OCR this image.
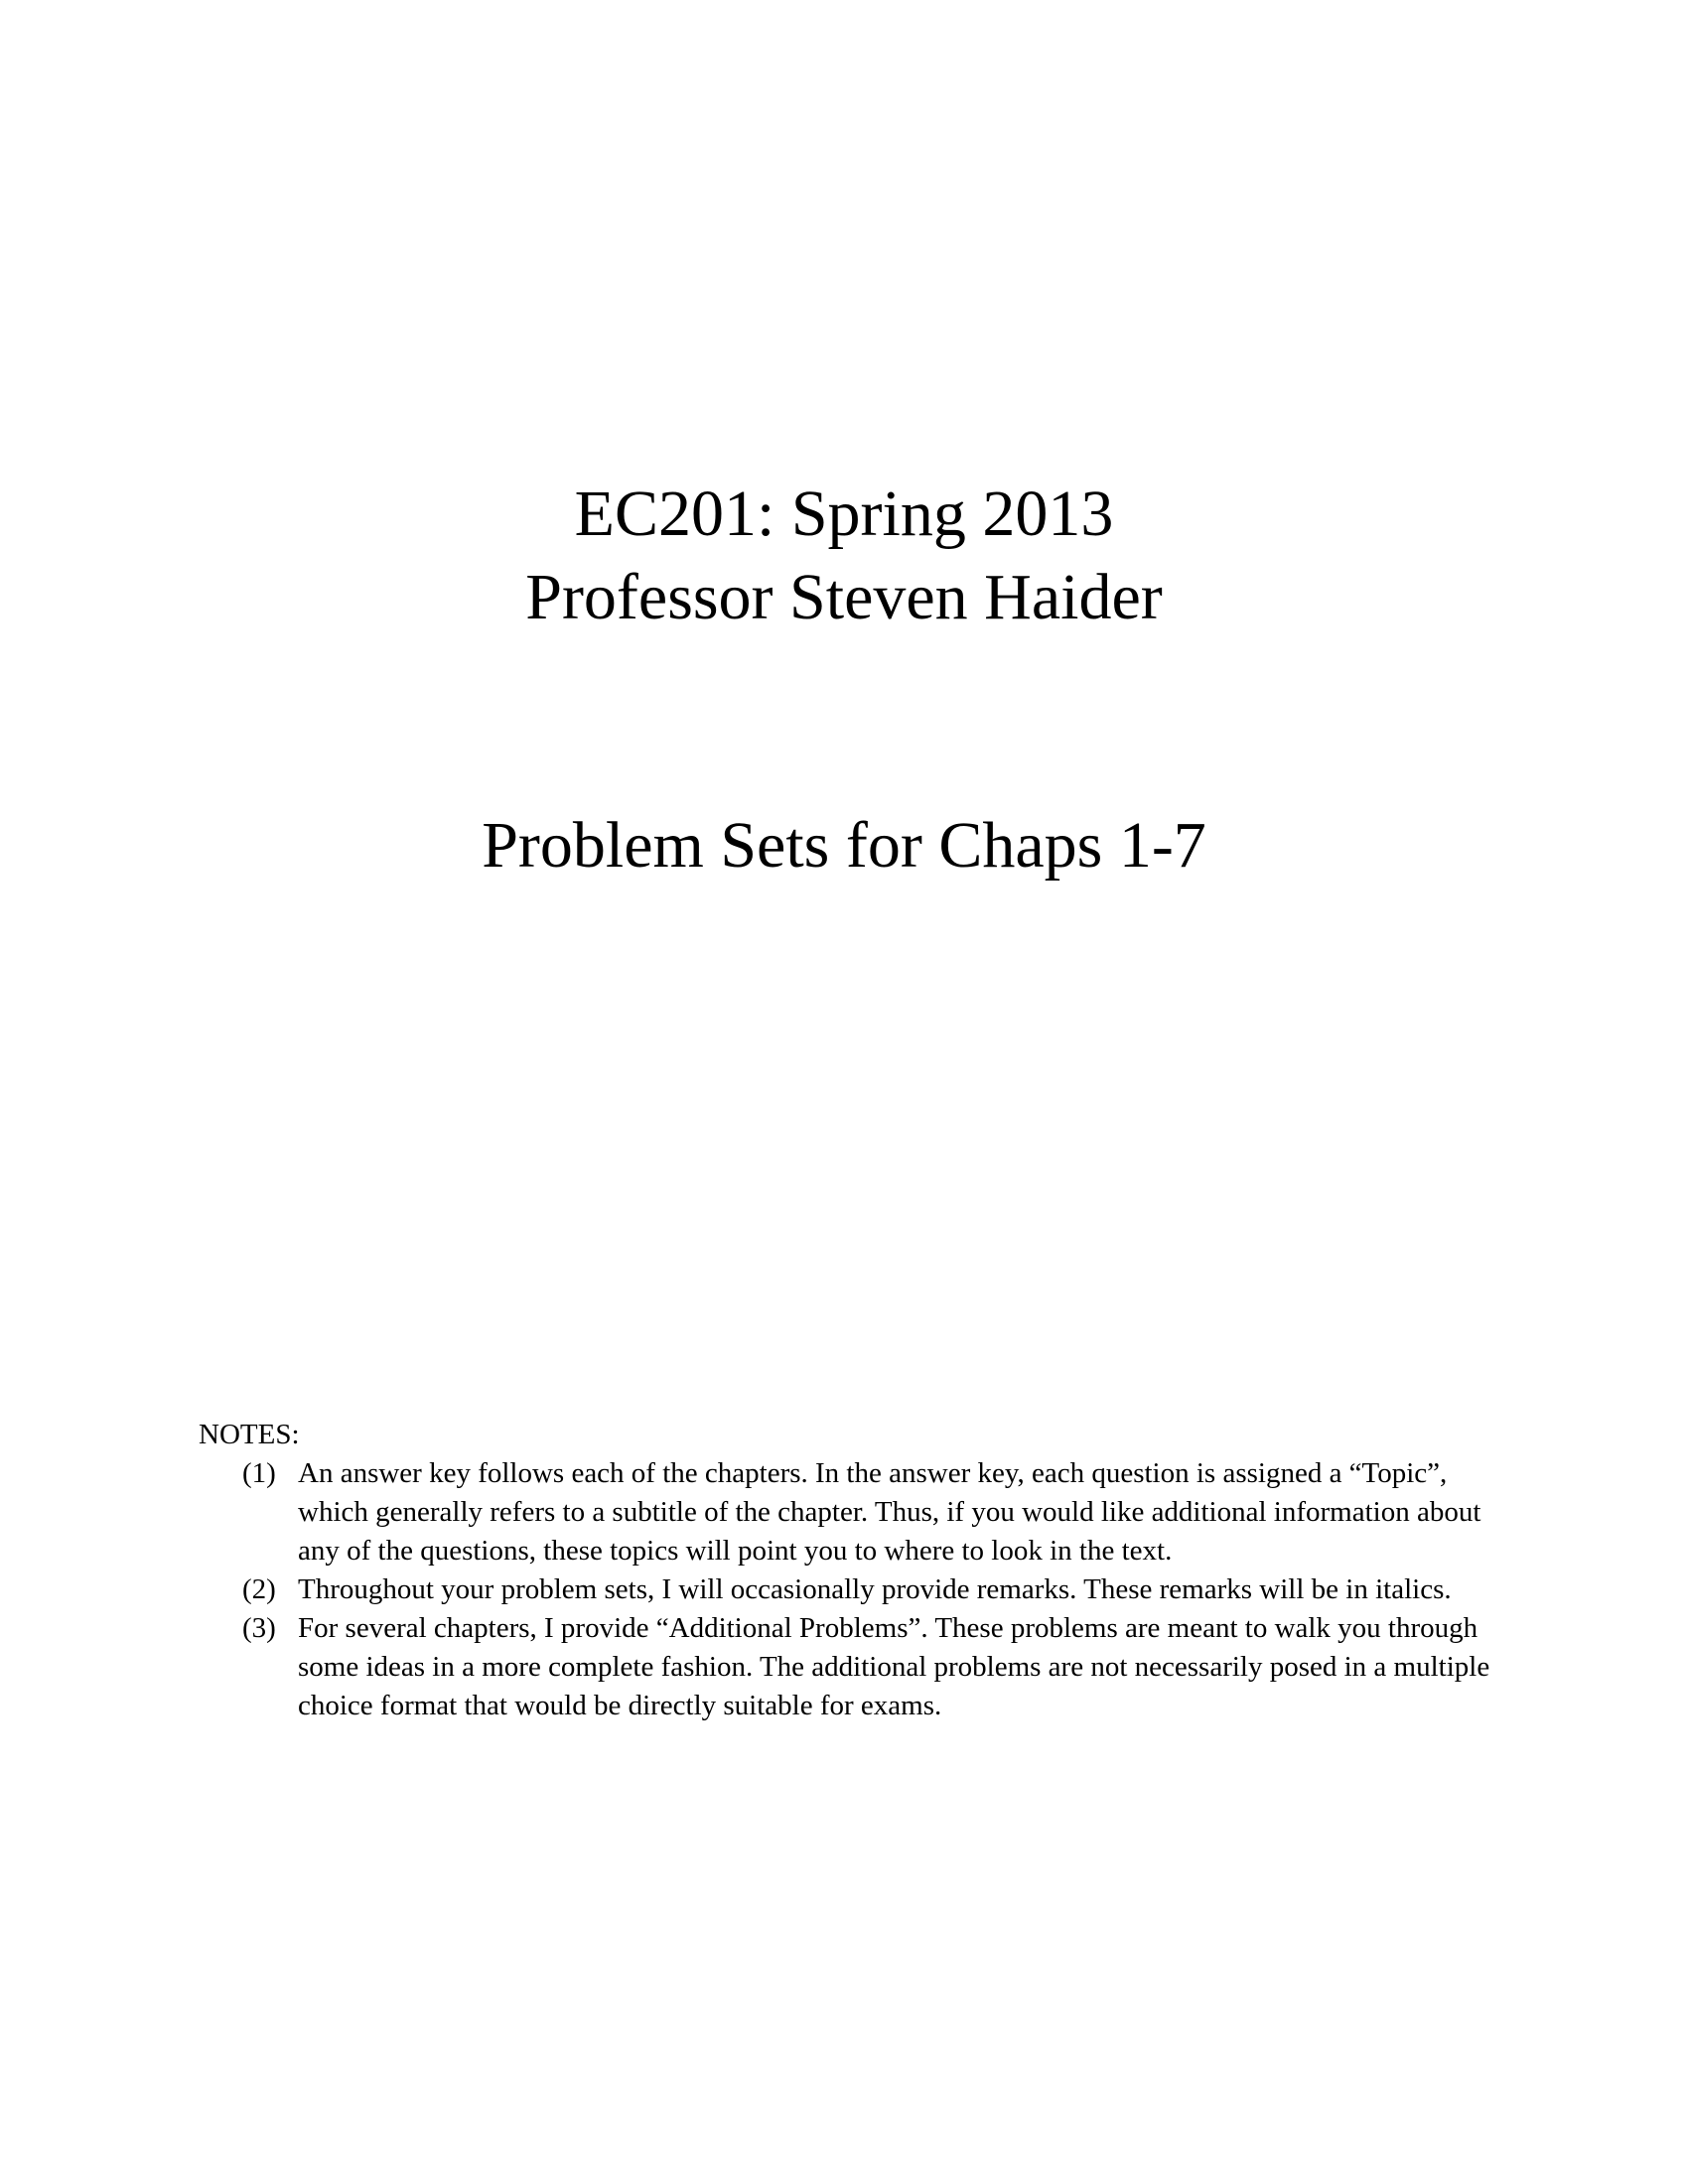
EC201: Spring 2013
Professor Steven Haider
Problem Sets for Chaps 1-7
NOTES:
(1) An answer key follows each of the chapters. In the answer key, each question is assigned a “Topic”, which generally refers to a subtitle of the chapter. Thus, if you would like additional information about any of the questions, these topics will point you to where to look in the text.
(2) Throughout your problem sets, I will occasionally provide remarks. These remarks will be in italics.
(3) For several chapters, I provide “Additional Problems”. These problems are meant to walk you through some ideas in a more complete fashion. The additional problems are not necessarily posed in a multiple choice format that would be directly suitable for exams.
